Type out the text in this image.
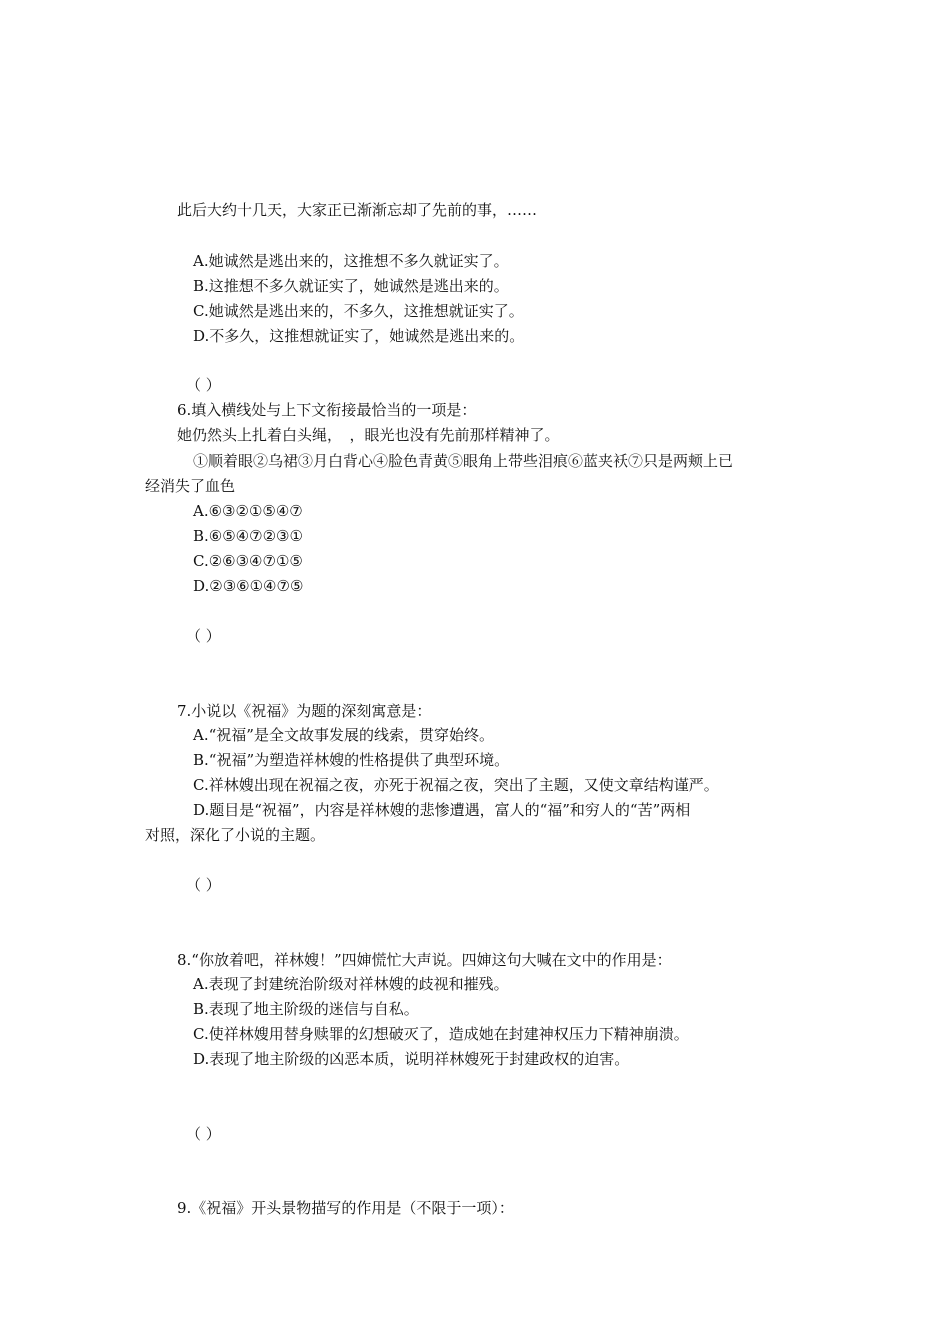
此后大约十几天，大家正已渐渐忘却了先前的事，……
A.她诚然是逃出来的，这推想不多久就证实了。
B.这推想不多久就证实了，她诚然是逃出来的。
C.她诚然是逃出来的，不多久，这推想就证实了。
D.不多久，这推想就证实了，她诚然是逃出来的。
（ ）
6.填入横线处与上下文衔接最恰当的一项是：
她仍然头上扎着白头绳，　，眼光也没有先前那样精神了。
①顺着眼②乌裙③月白背心④脸色青黄⑤眼角上带些泪痕⑥蓝夹袄⑦只是两颊上已
经消失了血色
A.⑥③②①⑤④⑦
B.⑥⑤④⑦②③①
C.②⑥③④⑦①⑤
D.②③⑥①④⑦⑤
（ ）
7.小说以《祝福》为题的深刻寓意是：
A.“祝福”是全文故事发展的线索，贯穿始终。
B.“祝福”为塑造祥林嫂的性格提供了典型环境。
C.祥林嫂出现在祝福之夜，亦死于祝福之夜，突出了主题，又使文章结构谨严。
D.题目是“祝福”，内容是祥林嫂的悲惨遭遇，富人的“福”和穷人的“苦”两相
对照，深化了小说的主题。
（ ）
8.“你放着吧，祥林嫂！”四婶慌忙大声说。四婶这句大喊在文中的作用是：
A.表现了封建统治阶级对祥林嫂的歧视和摧残。
B.表现了地主阶级的迷信与自私。
C.使祥林嫂用替身赎罪的幻想破灭了，造成她在封建神权压力下精神崩溃。
D.表现了地主阶级的凶恶本质，说明祥林嫂死于封建政权的迫害。
（ ）
9.《祝福》开头景物描写的作用是（不限于一项）：
